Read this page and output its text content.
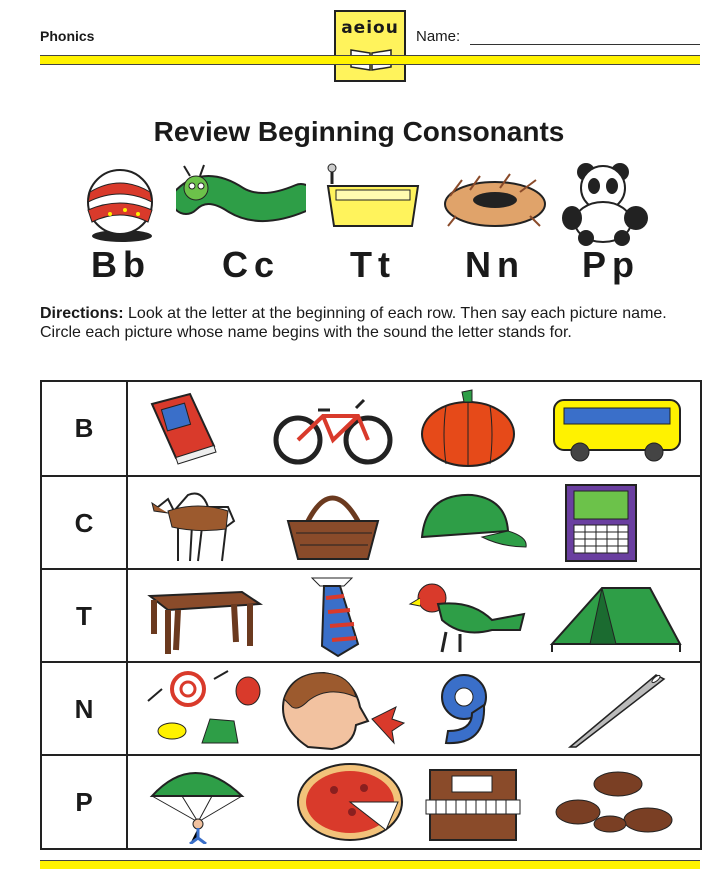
Phonics	aeiou	Name:
Review Beginning Consonants
Bb	Cc	Tt	Nn	Pp
Directions: Look at the letter at the beginning of each row. Then say each picture name. Circle each picture whose name begins with the sound the letter stands for.
B
C
T
N
P
